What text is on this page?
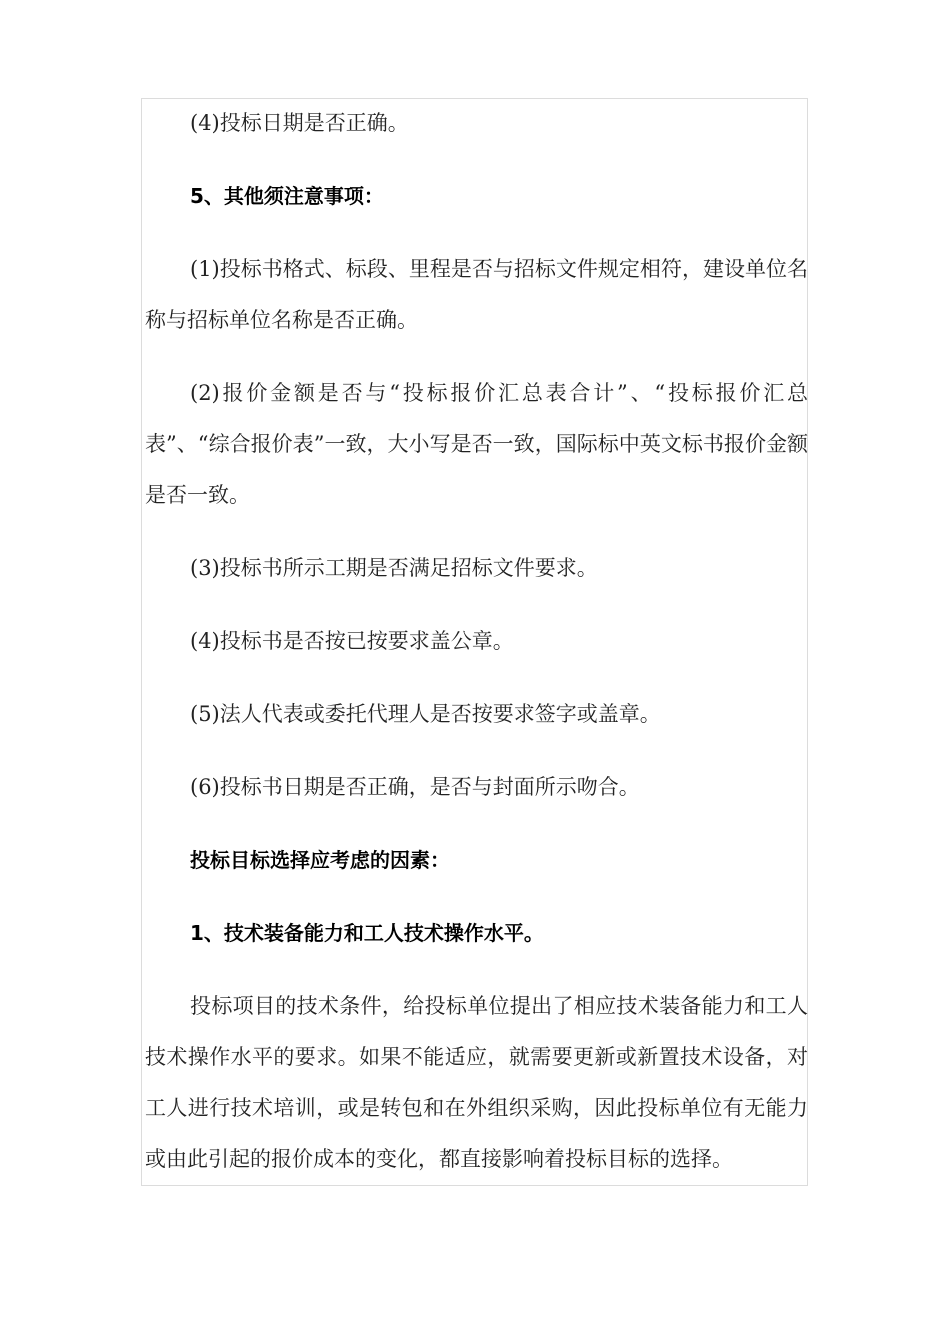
(4)投标日期是否正确。

5、其他须注意事项：

(1)投标书格式、标段、里程是否与招标文件规定相符，建设单位名称与招标单位名称是否正确。

(2)报价金额是否与“投标报价汇总表合计”、“投标报价汇总表”、“综合报价表”一致，大小写是否一致，国际标中英文标书报价金额是否一致。

(3)投标书所示工期是否满足招标文件要求。

(4)投标书是否按已按要求盖公章。

(5)法人代表或委托代理人是否按要求签字或盖章。

(6)投标书日期是否正确，是否与封面所示吻合。

投标目标选择应考虑的因素：

1、技术装备能力和工人技术操作水平。

投标项目的技术条件，给投标单位提出了相应技术装备能力和工人技术操作水平的要求。如果不能适应，就需要更新或新置技术设备，对工人进行技术培训，或是转包和在外组织采购，因此投标单位有无能力或由此引起的报价成本的变化，都直接影响着投标目标的选择。
